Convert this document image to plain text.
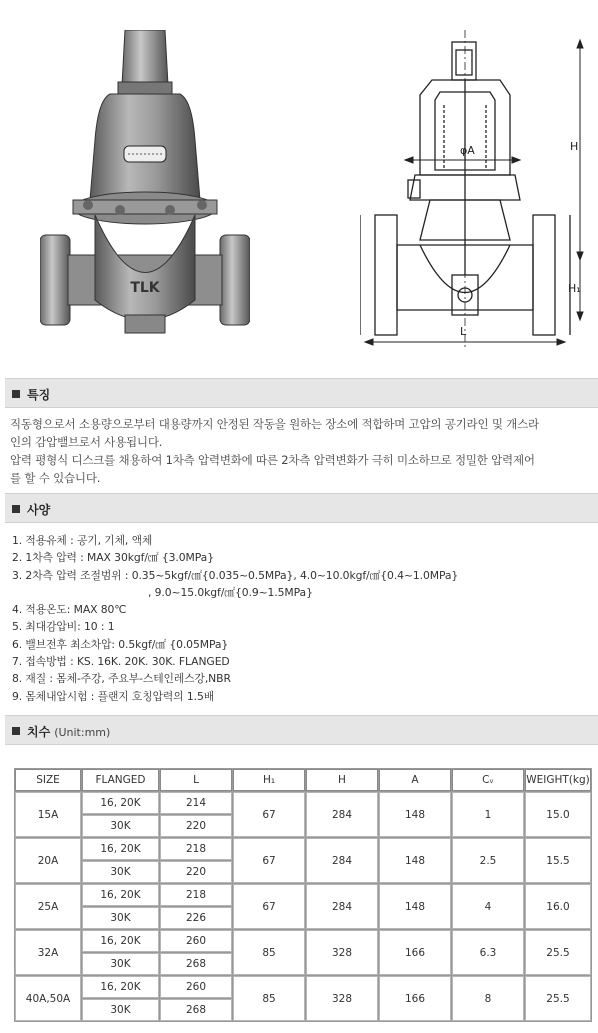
TLK
φA	H
H₁
L
특징

직동형으로서 소용량으로부터 대용량까지 안정된 작동을 원하는 장소에 적합하며 고압의 공기라인 및 개스라

인의 감압밸브로서 사용됩니다.

압력 평형식 디스크를 채용하여 1차측 압력변화에 따른 2차측 압력변화가 극히 미소하므로 정밀한 압력제어

를 할 수 있습니다.

사양
1. 적용유체 : 공기, 기체, 액체
2. 1차측 압력 : MAX 30kgf/㎠ {3.0MPa}
3. 2차측 압력 조절범위 : 0.35~5kgf/㎠{0.035~0.5MPa}, 4.0~10.0kgf/㎠{0.4~1.0MPa}
, 9.0~15.0kgf/㎠{0.9~1.5MPa}
4. 적용온도: MAX 80℃
5. 최대감압비: 10 : 1
6. 밸브전후 최소차압: 0.5kgf/㎠ {0.05MPa}
7. 접속방법 : KS. 16K. 20K. 30K. FLANGED
8. 재질 : 몸체-주강, 주요부-스테인레스강,NBR
9. 몸체내압시험 : 플랜지 호칭압력의 1.5배
치수 (Unit:mm)
SIZE	FLANGED	L	H₁	H	A	Cᵥ	WEIGHT(kg)
15A	16, 20K	214	67	284	148	1	15.0
	30K	220					
20A	16, 20K	218	67	284	148	2.5	15.5
	30K	220					
25A	16, 20K	218	67	284	148	4	16.0
	30K	226					
32A	16, 20K	260	85	328	166	6.3	25.5
	30K	268					
40A,50A	16, 20K	260	85	328	166	8	25.5
	30K	268					
